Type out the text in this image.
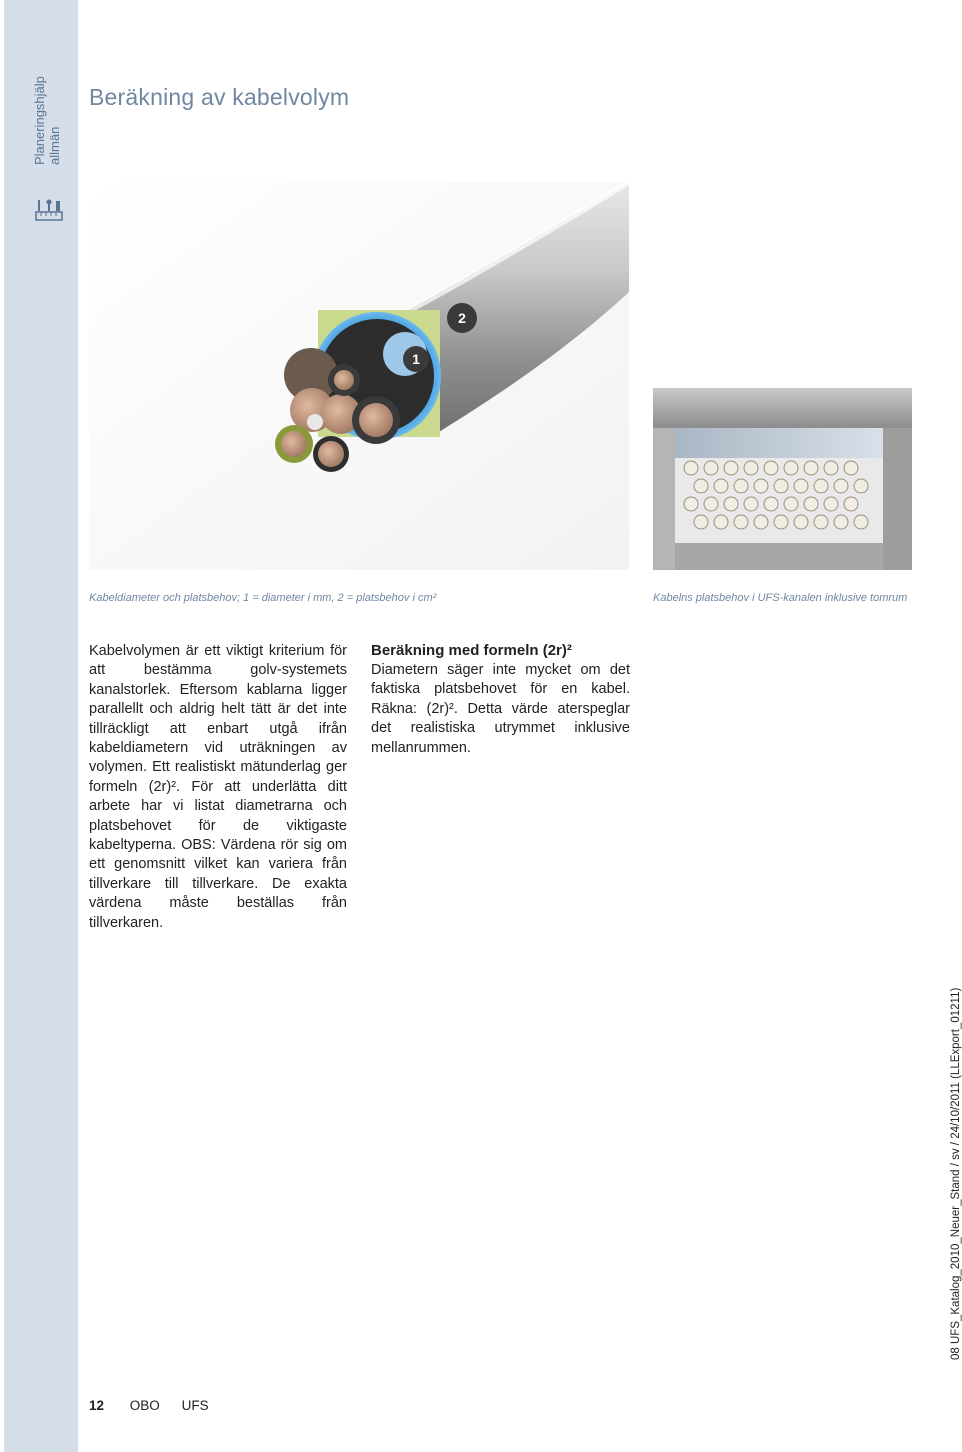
Planeringshjälp allmän
Beräkning av kabelvolym
1
2
Kabeldiameter och platsbehov; 1 = diameter i mm, 2 = platsbehov i cm²	Kabelns platsbehov i UFS-kanalen inklusive tomrum

Kabelvolymen är ett viktigt kriterium för att bestämma golv-systemets kanalstorlek. Eftersom kablarna ligger parallellt och aldrig helt tätt är det inte tillräckligt att enbart utgå ifrån kabeldiametern vid uträkningen av volymen. Ett realistiskt mätunderlag ger formeln (2r)². För att underlätta ditt arbete har vi listat diametrarna och platsbehovet för de viktigaste kabeltyperna. OBS: Värdena rör sig om ett genomsnitt vilket kan variera från tillverkare till tillverkare. De exakta värdena måste beställas från tillverkaren.

Beräkning med formeln (2r)²

Diametern säger inte mycket om det faktiska platsbehovet för en kabel. Räkna: (2r)². Detta värde aterspeglar det realistiska utrymmet inklusive mellanrummen.

12 OBO UFS
08 UFS_Katalog_2010_Neuer_Stand / sv / 24/10/2011 (LLExport_01211)
